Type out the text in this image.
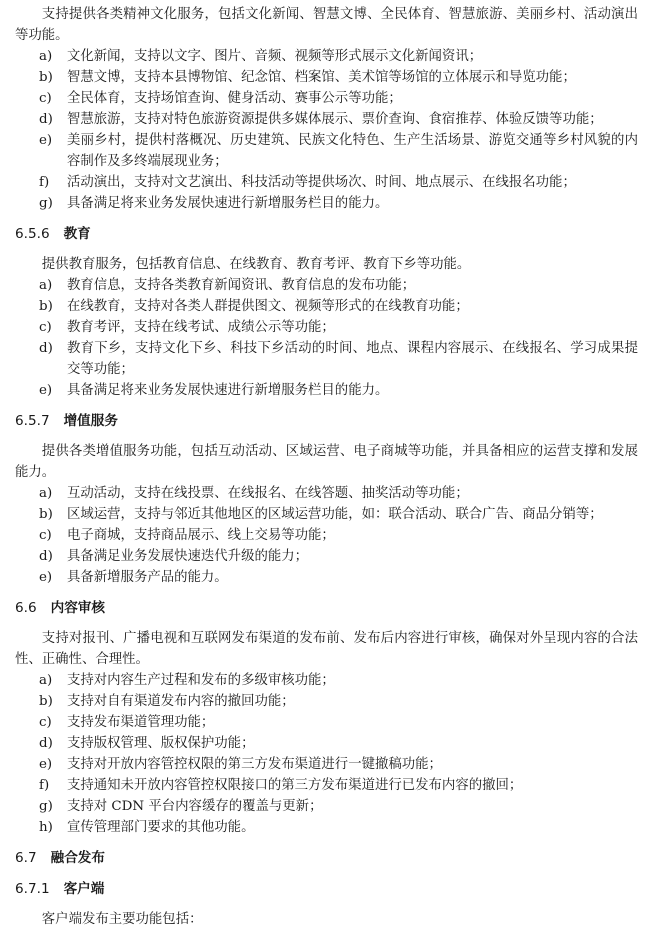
支持提供各类精神文化服务，包括文化新闻、智慧文博、全民体育、智慧旅游、美丽乡村、活动演出等功能。

a)	文化新闻，支持以文字、图片、音频、视频等形式展示文化新闻资讯；
b)	智慧文博，支持本县博物馆、纪念馆、档案馆、美术馆等场馆的立体展示和导览功能；
c)	全民体育，支持场馆查询、健身活动、赛事公示等功能；
d)	智慧旅游，支持对特色旅游资源提供多媒体展示、票价查询、食宿推荐、体验反馈等功能；
e)	美丽乡村，提供村落概况、历史建筑、民族文化特色、生产生活场景、游览交通等乡村风貌的内容制作及多终端展现业务；
f)	活动演出，支持对文艺演出、科技活动等提供场次、时间、地点展示、在线报名功能；
g)	具备满足将来业务发展快速进行新增服务栏目的能力。
6.5.6 教育

提供教育服务，包括教育信息、在线教育、教育考评、教育下乡等功能。

a)	教育信息，支持各类教育新闻资讯、教育信息的发布功能；
b)	在线教育，支持对各类人群提供图文、视频等形式的在线教育功能；
c)	教育考评，支持在线考试、成绩公示等功能；
d)	教育下乡，支持文化下乡、科技下乡活动的时间、地点、课程内容展示、在线报名、学习成果提交等功能；
e)	具备满足将来业务发展快速进行新增服务栏目的能力。
6.5.7 增值服务

提供各类增值服务功能，包括互动活动、区域运营、电子商城等功能，并具备相应的运营支撑和发展能力。

a)	互动活动，支持在线投票、在线报名、在线答题、抽奖活动等功能；
b)	区域运营，支持与邻近其他地区的区域运营功能，如：联合活动、联合广告、商品分销等；
c)	电子商城，支持商品展示、线上交易等功能；
d)	具备满足业务发展快速迭代升级的能力；
e)	具备新增服务产品的能力。
6.6 内容审核

支持对报刊、广播电视和互联网发布渠道的发布前、发布后内容进行审核，确保对外呈现内容的合法性、正确性、合理性。

a)	支持对内容生产过程和发布的多级审核功能；
b)	支持对自有渠道发布内容的撤回功能；
c)	支持发布渠道管理功能；
d)	支持版权管理、版权保护功能；
e)	支持对开放内容管控权限的第三方发布渠道进行一键撤稿功能；
f)	支持通知未开放内容管控权限接口的第三方发布渠道进行已发布内容的撤回；
g)	支持对 CDN 平台内容缓存的覆盖与更新；
h)	宣传管理部门要求的其他功能。
6.7 融合发布
6.7.1 客户端

客户端发布主要功能包括：
